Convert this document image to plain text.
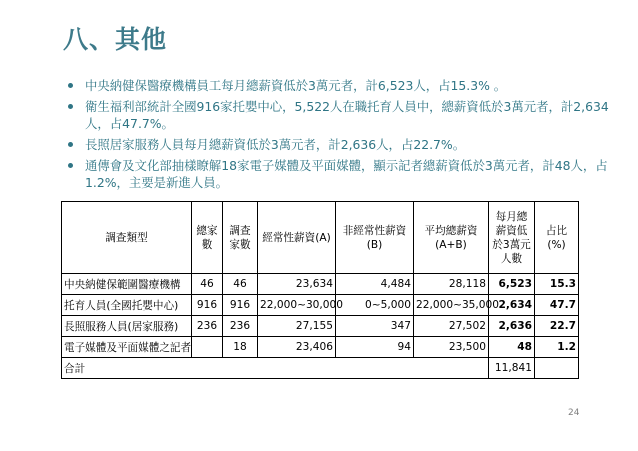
八、其他
中央納健保醫療機構員工每月總薪資低於3萬元者，計6,523人，占15.3% 。
衛生福利部統計全國916家托嬰中心，5,522人在職托育人員中，總薪資低於3萬元者，計2,634人，占47.7%。
長照居家服務人員每月總薪資低於3萬元者，計2,636人，占22.7%。
通傳會及文化部抽樣瞭解18家電子媒體及平面媒體，顯示記者總薪資低於3萬元者，計48人，占1.2%，主要是新進人員。
調查類型	總家數	調查家數	經常性薪資(A)	非經常性薪資(B)	平均總薪資(A+B)	每月總薪資低於3萬元人數	占比(%)
中央納健保範圍醫療機構	46	46	23,634	4,484	28,118	6,523	15.3
托育人員(全國托嬰中心)	916	916	22,000~30,000	0~5,000	22,000~35,000	2,634	47.7
長照服務人員(居家服務)	236	236	27,155	347	27,502	2,636	22.7
電子媒體及平面媒體之記者		18	23,406	94	23,500	48	1.2
合計						11,841	
24
